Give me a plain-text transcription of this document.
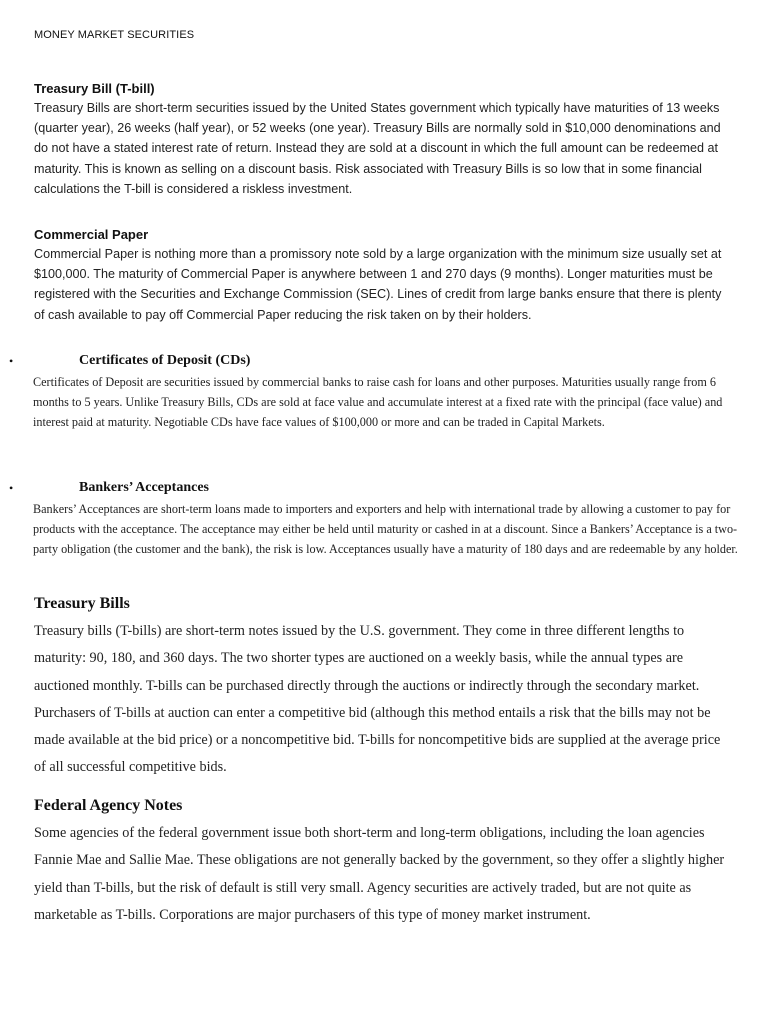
MONEY MARKET SECURITIES
Treasury Bill (T-bill)

Treasury Bills are short-term securities issued by the United States government which typically have maturities of 13 weeks (quarter year), 26 weeks (half year), or 52 weeks (one year). Treasury Bills are normally sold in $10,000 denominations and do not have a stated interest rate of return. Instead they are sold at a discount in which the full amount can be redeemed at maturity. This is known as selling on a discount basis. Risk associated with Treasury Bills is so low that in some financial calculations the T-bill is considered a riskless investment.

Commercial Paper

Commercial Paper is nothing more than a promissory note sold by a large organization with the minimum size usually set at $100,000. The maturity of Commercial Paper is anywhere between 1 and 270 days (9 months). Longer maturities must be registered with the Securities and Exchange Commission (SEC). Lines of credit from large banks ensure that there is plenty of cash available to pay off Commercial Paper reducing the risk taken on by their holders.

•	Certificates of Deposit (CDs)

Certificates of Deposit are securities issued by commercial banks to raise cash for loans and other purposes. Maturities usually range from 6 months to 5 years. Unlike Treasury Bills, CDs are sold at face value and accumulate interest at a fixed rate with the principal (face value) and interest paid at maturity. Negotiable CDs have face values of $100,000 or more and can be traded in Capital Markets.

•	Bankers’ Acceptances

Bankers’ Acceptances are short-term loans made to importers and exporters and help with international trade by allowing a customer to pay for products with the acceptance. The acceptance may either be held until maturity or cashed in at a discount. Since a Bankers’ Acceptance is a two-party obligation (the customer and the bank), the risk is low. Acceptances usually have a maturity of 180 days and are redeemable by any holder.

Treasury Bills

Treasury bills (T-bills) are short-term notes issued by the U.S. government. They come in three different lengths to maturity: 90, 180, and 360 days. The two shorter types are auctioned on a weekly basis, while the annual types are auctioned monthly. T-bills can be purchased directly through the auctions or indirectly through the secondary market. Purchasers of T-bills at auction can enter a competitive bid (although this method entails a risk that the bills may not be made available at the bid price) or a noncompetitive bid. T-bills for noncompetitive bids are supplied at the average price of all successful competitive bids.

Federal Agency Notes

Some agencies of the federal government issue both short-term and long-term obligations, including the loan agencies Fannie Mae and Sallie Mae. These obligations are not generally backed by the government, so they offer a slightly higher yield than T-bills, but the risk of default is still very small. Agency securities are actively traded, but are not quite as marketable as T-bills. Corporations are major purchasers of this type of money market instrument.
